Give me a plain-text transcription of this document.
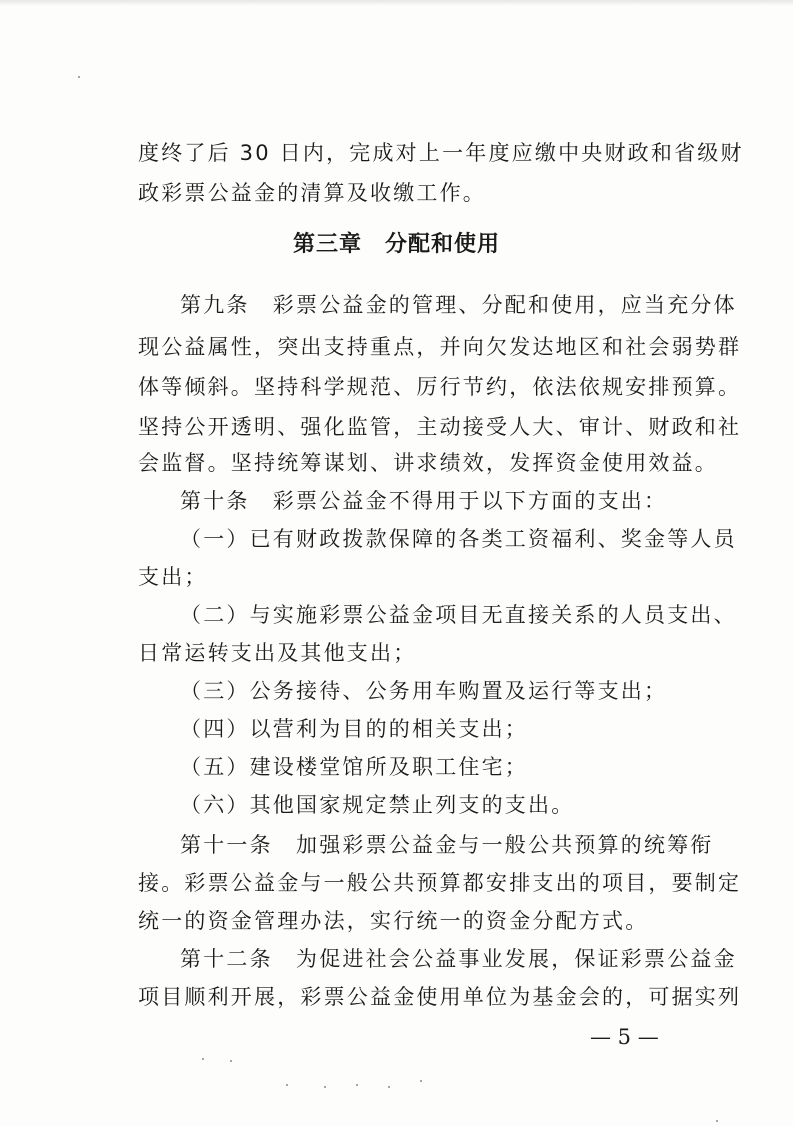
度终了后 30 日内，完成对上一年度应缴中央财政和省级财
政彩票公益金的清算及收缴工作。
第三章　分配和使用
第九条　彩票公益金的管理、分配和使用，应当充分体
现公益属性，突出支持重点，并向欠发达地区和社会弱势群
体等倾斜。坚持科学规范、厉行节约，依法依规安排预算。
坚持公开透明、强化监管，主动接受人大、审计、财政和社
会监督。坚持统筹谋划、讲求绩效，发挥资金使用效益。
第十条　彩票公益金不得用于以下方面的支出：
（一）已有财政拨款保障的各类工资福利、奖金等人员
支出；
（二）与实施彩票公益金项目无直接关系的人员支出、
日常运转支出及其他支出；
（三）公务接待、公务用车购置及运行等支出；
（四）以营利为目的的相关支出；
（五）建设楼堂馆所及职工住宅；
（六）其他国家规定禁止列支的支出。
第十一条　加强彩票公益金与一般公共预算的统筹衔
接。彩票公益金与一般公共预算都安排支出的项目，要制定
统一的资金管理办法，实行统一的资金分配方式。
第十二条　为促进社会公益事业发展，保证彩票公益金
项目顺利开展，彩票公益金使用单位为基金会的，可据实列
— 5 —
